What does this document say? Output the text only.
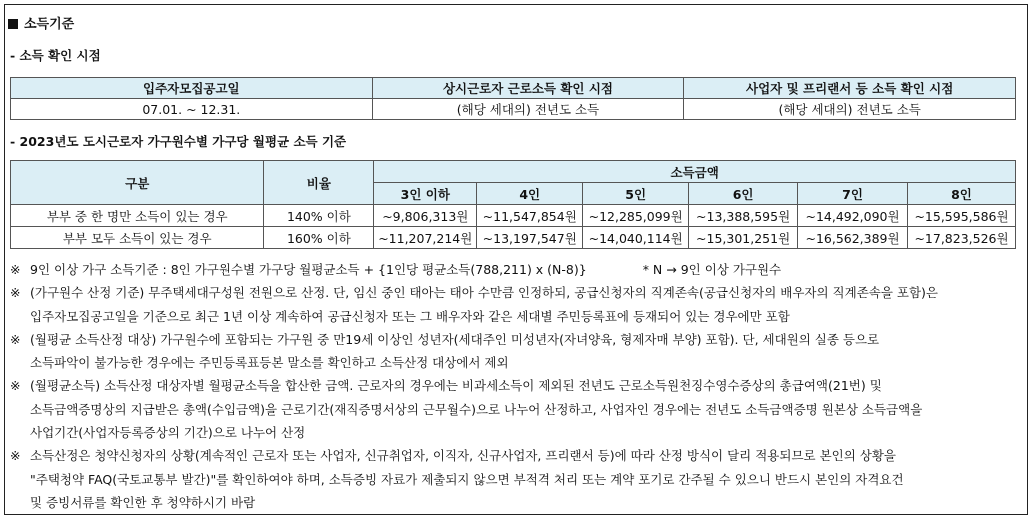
소득기준
- 소득 확인 시점
입주자모집공고일	상시근로자 근로소득 확인 시점	사업자 및 프리랜서 등 소득 확인 시점
07.01. ~ 12.31.	(해당 세대의) 전년도 소득	(해당 세대의) 전년도 소득
- 2023년도 도시근로자 가구원수별 가구당 월평균 소득 기준
구분	비율	소득금액					
		3인 이하	4인	5인	6인	7인	8인
부부 중 한 명만 소득이 있는 경우	140% 이하	~9,806,313원	~11,547,854원	~12,285,099원	~13,388,595원	~14,492,090원	~15,595,586원
부부 모두 소득이 있는 경우	160% 이하	~11,207,214원	~13,197,547원	~14,040,114원	~15,301,251원	~16,562,389원	~17,823,526원
※ 9인 이상 가구 소득기준 : 8인 가구원수별 가구당 월평균소득 + {1인당 평균소득(788,211) x (N-8)}	* N → 9인 이상 가구원수
※ (가구원수 산정 기준) 무주택세대구성원 전원으로 산정. 단, 임신 중인 태아는 태아 수만큼 인정하되, 공급신청자의 직계존속(공급신청자의 배우자의 직계존속을 포함)은
입주자모집공고일을 기준으로 최근 1년 이상 계속하여 공급신청자 또는 그 배우자와 같은 세대별 주민등록표에 등재되어 있는 경우에만 포함
※ (월평균 소득산정 대상) 가구원수에 포함되는 가구원 중 만19세 이상인 성년자(세대주인 미성년자(자녀양육, 형제자매 부양) 포함). 단, 세대원의 실종 등으로
소득파악이 불가능한 경우에는 주민등록표등본 말소를 확인하고 소득산정 대상에서 제외
※ (월평균소득) 소득산정 대상자별 월평균소득을 합산한 금액. 근로자의 경우에는 비과세소득이 제외된 전년도 근로소득원천징수영수증상의 총급여액(21번) 및
소득금액증명상의 지급받은 총액(수입금액)을 근로기간(재직증명서상의 근무월수)으로 나누어 산정하고, 사업자인 경우에는 전년도 소득금액증명 원본상 소득금액을
사업기간(사업자등록증상의 기간)으로 나누어 산정
※ 소득산정은 청약신청자의 상황(계속적인 근로자 또는 사업자, 신규취업자, 이직자, 신규사업자, 프리랜서 등)에 따라 산정 방식이 달리 적용되므로 본인의 상황을
"주택청약 FAQ(국토교통부 발간)"를 확인하여야 하며, 소득증빙 자료가 제출되지 않으면 부적격 처리 또는 계약 포기로 간주될 수 있으니 반드시 본인의 자격요건
및 증빙서류를 확인한 후 청약하시기 바람
